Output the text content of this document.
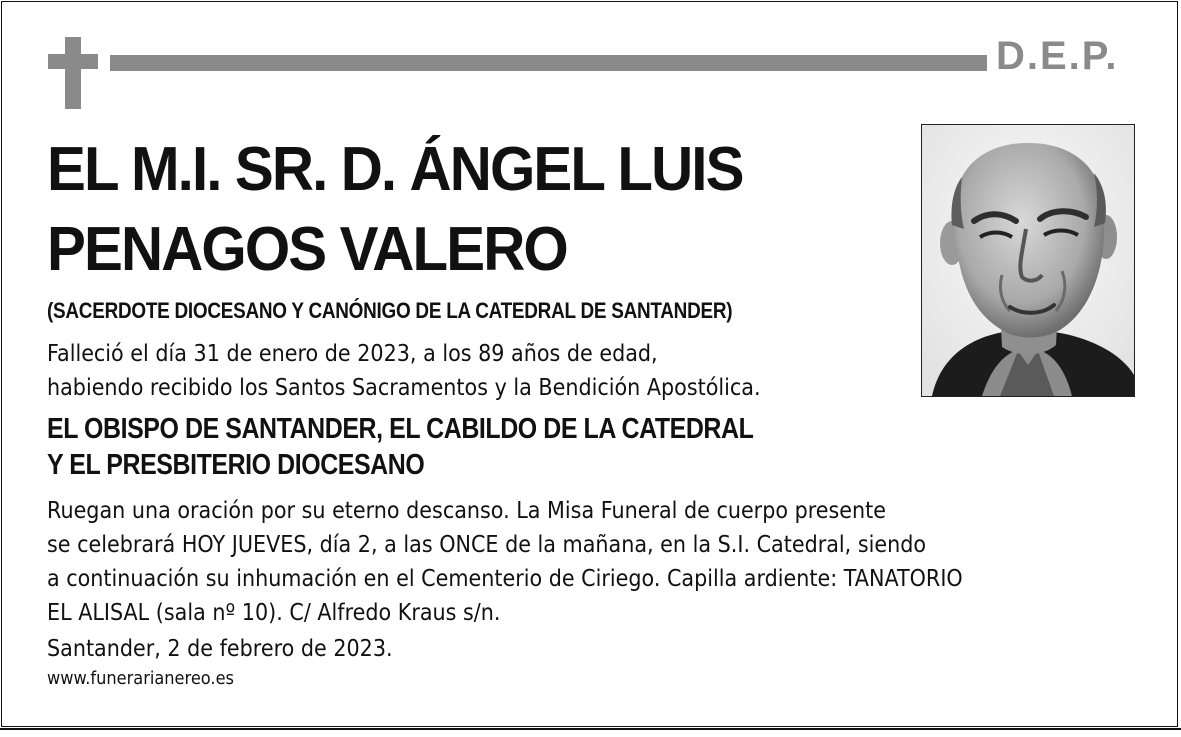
D.E.P.
EL M.I. SR. D. ÁNGEL LUIS
PENAGOS VALERO
(SACERDOTE DIOCESANO Y CANÓNIGO DE LA CATEDRAL DE SANTANDER)
Falleció el día 31 de enero de 2023, a los 89 años de edad,
habiendo recibido los Santos Sacramentos y la Bendición Apostólica.
EL OBISPO DE SANTANDER, EL CABILDO DE LA CATEDRAL
Y EL PRESBITERIO DIOCESANO
Ruegan una oración por su eterno descanso. La Misa Funeral de cuerpo presente
se celebrará HOY JUEVES, día 2, a las ONCE de la mañana, en la S.I. Catedral, siendo
a continuación su inhumación en el Cementerio de Ciriego. Capilla ardiente: TANATORIO
EL ALISAL (sala nº 10). C/ Alfredo Kraus s/n.
Santander, 2 de febrero de 2023.
www.funerarianereo.es
